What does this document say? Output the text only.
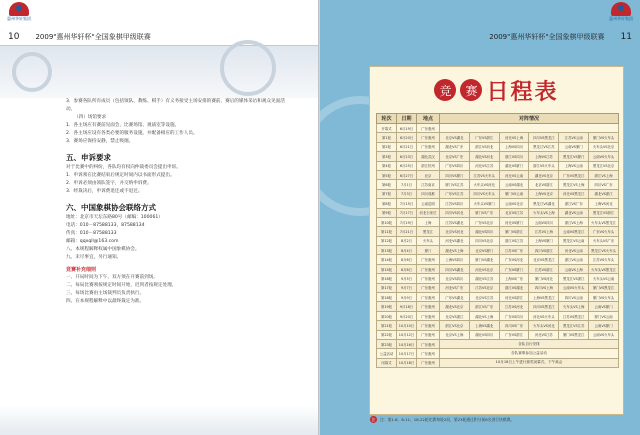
惠州华轩集团
10 2009"惠州华轩杯"全国象棋甲级联赛
3．参赛各队所有成员（包括领队、教练、棋手）有义务接受主场安排的赛前、赛后的媒体采访和观众见面活动。
（四）场馆要求
1．各主场应有赛前见面会、比赛场馆、观战室等设施。
2．各主场应设有各类必要的服务设施，并配备相应的工作人员。
3．赛场应保持安静，禁止吸烟。
五、申诉要求
对于比赛中的纠纷，各队均有权向仲裁委员会提出申诉。
1．申诉须在比赛结束后规定时间内以书面形式提出。
2．申诉必须由领队签字，并交纳申诉费。
3．经裁决后，申诉费退还或不退还。
六、中国象棋协会联络方式
地址：北京市天坛东路80号（邮编：100061）
电话：010－87588133，87588134
传真：010－87588133
邮箱：qqxqll@163.com
八、本规程解释权属中国象棋协会。
九、未尽事宜，另行通知。
竞赛补充细则
一、开局时间为下午，双方须在开赛前到场。
二、每局比赛须按规定时间开始，迟到者按规定处理。
三、每场比赛由主场裁判员负责执行。
四、在本规程解释中以最终裁定为准。
惠州华轩集团
2009"惠州华轩杯"全国象棋甲级联赛 11
竞	赛 日程表
轮次	日期	地点	对阵情况					
开幕式	6月19日	广东惠州						
第1轮	6月20日	广东惠州	北京VS湖北	广东VS浙江	河北VS上海	四川VS黑龙江	江苏VS云南	厦门VS火车头
第2轮	6月21日	广东惠州	湖北VS广东	浙江VS河北	上海VS四川	黑龙江VS江苏	云南VS厦门	火车头VS北京
第3轮	6月23日	湖北武汉	北京VS广东	湖北VS河北	浙江VS四川	上海VS江苏	黑龙江VS厦门	云南VS火车头
第4轮	6月25日	浙江杭州	广东VS四川	河北VS江苏	湖北VS厦门	浙江VS火车头	上海VS云南	黑龙江VS北京
第5轮	6月27日	北京	四川VS厦门	江苏VS火车头	河北VS云南	湖北VS北京	广东VS黑龙江	浙江VS上海
第6轮	7月1日	江苏南京	厦门VS江苏	火车头VS河北	云南VS湖北	北京VS浙江	黑龙江VS上海	四川VS广东
第7轮	7月3日	四川成都	广东VS江苏	四川VS火车头	厦门VS云南	上海VS北京	河北VS黑龙江	湖北VS浙江
第8轮	7月15日	云南昆明	江苏VS四川	火车头VS厦门	云南VS北京	黑龙江VS湖北	浙江VS广东	上海VS河北
第9轮	7月17日	河北石家庄	四川VS河北	厦门VS广东	北京VS江苏	火车头VS上海	湖北VS云南	黑龙江VS浙江
第10轮	7月19日	上海	江苏VS湖北	广东VS北京	河北VS厦门	云南VS四川	浙江VS上海	火车头VS黑龙江
第11轮	7月21日	黑龙江	北京VS河北	湖北VS四川	厦门VS浙江	江苏VS上海	云南VS黑龙江	广东VS火车头
第12轮	8月2日	火车头	河北VS湖北	四川VS北京	浙江VS江苏	上海VS厦门	黑龙江VS云南	火车头VS广东
第13轮	8月4日	厦门	湖北VS上海	北京VS厦门	江苏VS广东	四川VS浙江	河北VS云南	黑龙江VS火车头
第14轮	8月6日	广东惠州	上海VS四川	厦门VS湖北	广东VS河北	北京VS黑龙江	浙江VS云南	江苏VS火车头
第15轮	8月8日	广东惠州	四川VS湖北	河北VS北京	广东VS厦门	江苏VS浙江	云南VS上海	火车头VS黑龙江
第16轮	9月5日	广东惠州	北京VS四川	湖北VS江苏	上海VS广东	厦门VS河北	黑龙江VS浙江	火车头VS云南
第17轮	9月7日	广东惠州	河北VS广东	江苏VS北京	浙江VS湖北	四川VS上海	云南VS火车头	厦门VS黑龙江
第18轮	9月9日	广东惠州	广东VS湖北	北京VS江苏	河北VS浙江	上海VS黑龙江	四川VS云南	厦门VS火车头
第19轮	9月18日	广东惠州	湖北VS北京	浙江VS广东	江苏VS河北	四川VS黑龙江	火车头VS上海	云南VS厦门
第20轮	9月20日	广东惠州	北京VS浙江	湖北VS上海	广东VS四川	河北VS火车头	江苏VS黑龙江	厦门VS云南
第21轮	10月10日	广东惠州	浙江VS北京	上海VS湖北	四川VS广东	火车头VS河北	黑龙江VS江苏	云南VS厦门
第22轮	10月12日	广东惠州	北京VS上海	湖北VS四川	广东VS浙江	河北VS江苏	厦门VS黑龙江	云南VS火车头
第23轮	10月16日	广东惠州	各队自行安排					
公益活动	10月17日	广东惠州	各队赛事参加公益活动					
闭幕式	10月18日	广东惠州	10月18日上午进行颁奖闭幕式，下午离会					
注	注：第1-6、8-11、18-22轮比赛每轮2局，第23轮通过积分前8名进行快棋赛。
